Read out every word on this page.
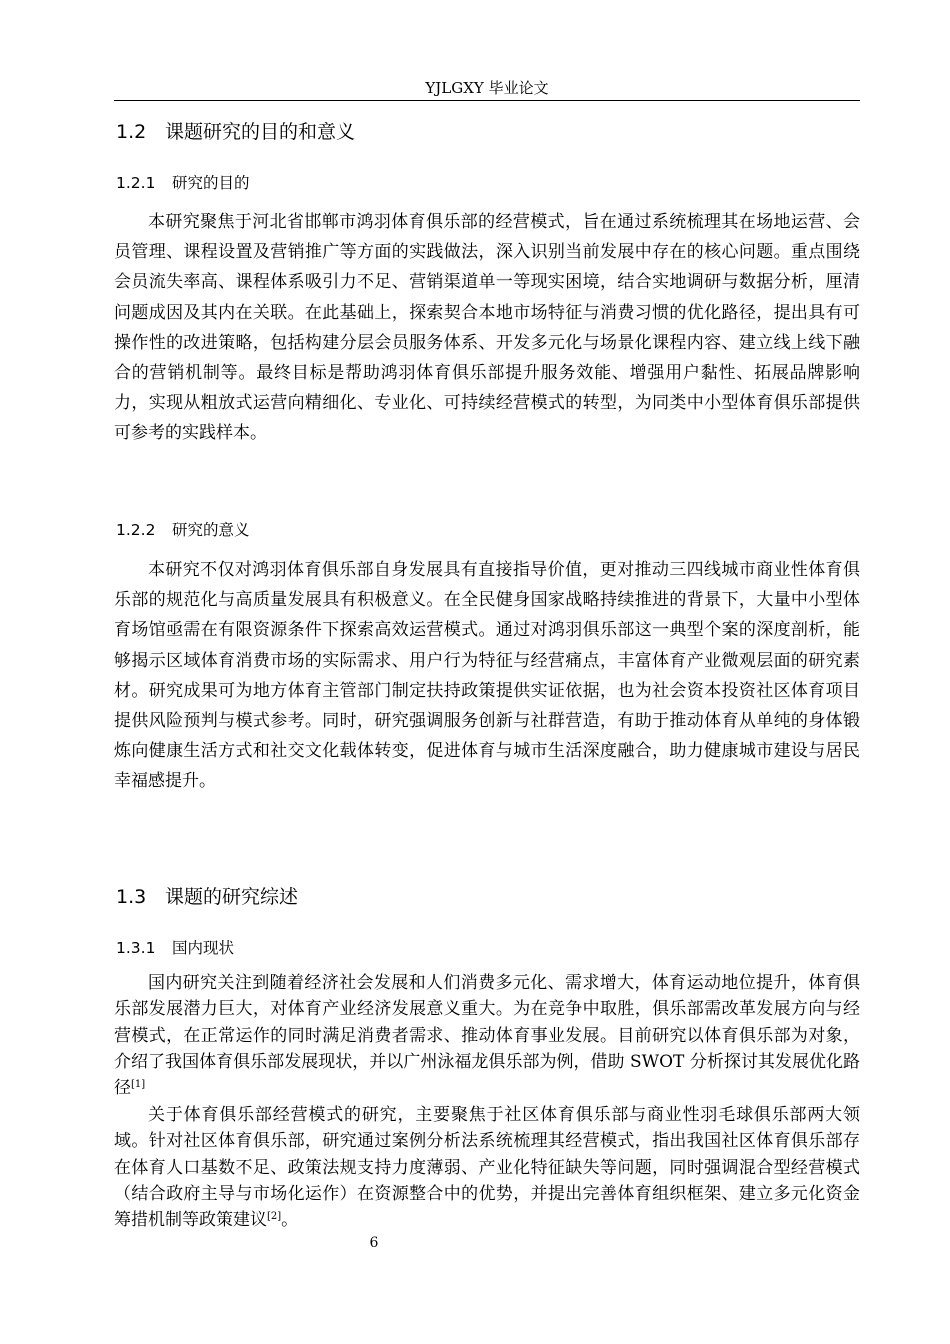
YJLGXY 毕业论文
1.2 课题研究的目的和意义
1.2.1 研究的目的

本研究聚焦于河北省邯郸市鸿羽体育俱乐部的经营模式，旨在通过系统梳理其在场地运营、会员管理、课程设置及营销推广等方面的实践做法，深入识别当前发展中存在的核心问题。重点围绕会员流失率高、课程体系吸引力不足、营销渠道单一等现实困境，结合实地调研与数据分析，厘清问题成因及其内在关联。在此基础上，探索契合本地市场特征与消费习惯的优化路径，提出具有可操作性的改进策略，包括构建分层会员服务体系、开发多元化与场景化课程内容、建立线上线下融合的营销机制等。最终目标是帮助鸿羽体育俱乐部提升服务效能、增强用户黏性、拓展品牌影响力，实现从粗放式运营向精细化、专业化、可持续经营模式的转型，为同类中小型体育俱乐部提供可参考的实践样本。

1.2.2 研究的意义

本研究不仅对鸿羽体育俱乐部自身发展具有直接指导价值，更对推动三四线城市商业性体育俱乐部的规范化与高质量发展具有积极意义。在全民健身国家战略持续推进的背景下，大量中小型体育场馆亟需在有限资源条件下探索高效运营模式。通过对鸿羽俱乐部这一典型个案的深度剖析，能够揭示区域体育消费市场的实际需求、用户行为特征与经营痛点，丰富体育产业微观层面的研究素材。研究成果可为地方体育主管部门制定扶持政策提供实证依据，也为社会资本投资社区体育项目提供风险预判与模式参考。同时，研究强调服务创新与社群营造，有助于推动体育从单纯的身体锻炼向健康生活方式和社交文化载体转变，促进体育与城市生活深度融合，助力健康城市建设与居民幸福感提升。

1.3 课题的研究综述
1.3.1 国内现状

国内研究关注到随着经济社会发展和人们消费多元化、需求增大，体育运动地位提升，体育俱乐部发展潜力巨大，对体育产业经济发展意义重大。为在竞争中取胜，俱乐部需改革发展方向与经营模式，在正常运作的同时满足消费者需求、推动体育事业发展。目前研究以体育俱乐部为对象，介绍了我国体育俱乐部发展现状，并以广州泳福龙俱乐部为例，借助 SWOT 分析探讨其发展优化路径[1]

关于体育俱乐部经营模式的研究，主要聚焦于社区体育俱乐部与商业性羽毛球俱乐部两大领域。针对社区体育俱乐部，研究通过案例分析法系统梳理其经营模式，指出我国社区体育俱乐部存在体育人口基数不足、政策法规支持力度薄弱、产业化特征缺失等问题，同时强调混合型经营模式（结合政府主导与市场化运作）在资源整合中的优势，并提出完善体育组织框架、建立多元化资金筹措机制等政策建议[2]。

6
